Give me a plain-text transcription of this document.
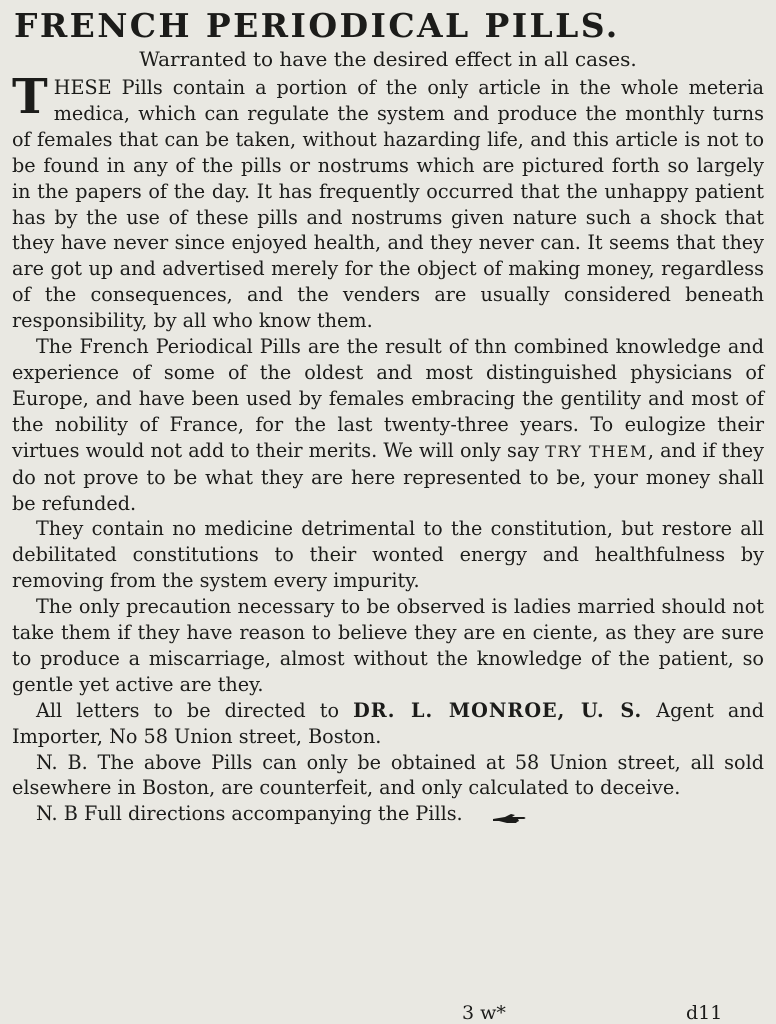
FRENCH PERIODICAL PILLS.
Warranted to have the desired effect in all cases.

THESE Pills contain a portion of the only article in the whole meteria medica, which can regulate the system and produce the monthly turns of females that can be taken, without hazarding life, and this article is not to be found in any of the pills or nostrums which are pictured forth so largely in the papers of the day. It has frequently occurred that the unhappy patient has by the use of these pills and nostrums given nature such a shock that they have never since enjoyed health, and they never can. It seems that they are got up and advertised merely for the object of making money, regardless of the consequences, and the venders are usually considered beneath responsibility, by all who know them.

The French Periodical Pills are the result of thn combined knowledge and experience of some of the oldest and most distinguished physicians of Europe, and have been used by females embracing the gentility and most of the nobility of France, for the last twenty-three years. To eulogize their virtues would not add to their merits. We will only say TRY THEM, and if they do not prove to be what they are here represented to be, your money shall be refunded.

They contain no medicine detrimental to the constitution, but restore all debilitated constitutions to their wonted energy and healthfulness by removing from the system every impurity.

The only precaution necessary to be observed is ladies married should not take them if they have reason to believe they are en ciente, as they are sure to produce a miscarriage, almost without the knowledge of the patient, so gentle yet active are they.

All letters to be directed to DR. L. MONROE, U. S. Agent and Importer, No 58 Union street, Boston.

N. B. The above Pills can only be obtained at 58 Union street, all sold elsewhere in Boston, are counterfeit, and only calculated to deceive.

N. B Full directions accompanying the Pills.

3 w*	d11
